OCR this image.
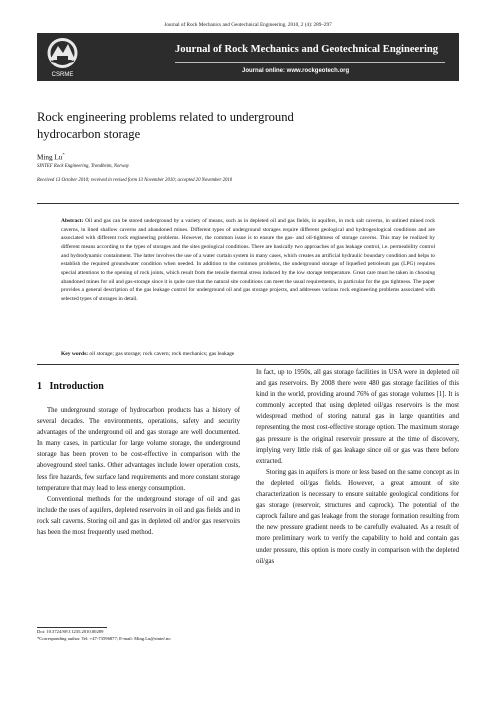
Journal of Rock Mechanics and Geotechnical Engineering. 2010, 2 (4): 289–297
CSRME
Journal of Rock Mechanics and Geotechnical Engineering
Journal online: www.rockgeotech.org
Rock engineering problems related to underground hydrocarbon storage
Ming Lu*
SINTEF Rock Engineering, Trondheim, Norway
Received 13 October 2010; received in revised form 13 November 2010; accepted 20 November 2010
Abstract: Oil and gas can be stored underground by a variety of means, such as in depleted oil and gas fields, in aquifers, in rock salt caverns, in unlined mined rock caverns, in lined shallow caverns and abandoned mines. Different types of underground storages require different geological and hydrogeological conditions and are associated with different rock engineering problems. However, the common issue is to ensure the gas- and oil-tightness of storage caverns. This may be realized by different means according to the types of storages and the sites geological conditions. There are basically two approaches of gas leakage control, i.e. permeability control and hydrodynamic containment. The latter involves the use of a water curtain system in many cases, which creates an artificial hydraulic boundary condition and helps to establish the required groundwater condition when needed. In addition to the common problems, the underground storage of liquefied petroleum gas (LPG) requires special attentions to the opening of rock joints, which result from the tensile thermal stress induced by the low storage temperature. Great care must be taken in choosing abandoned mines for oil and gas-storage since it is quite rare that the natural site conditions can meet the usual requirements, in particular for the gas tightness. The paper provides a general description of the gas leakage control for underground oil and gas storage projects, and addresses various rock engineering problems associated with selected types of storages in detail.
Key words: oil storage; gas storage; rock cavern; rock mechanics; gas leakage
1 Introduction

The underground storage of hydrocarbon products has a history of several decades. The environments, operations, safety and security advantages of the underground oil and gas storage are well documented. In many cases, in particular for large volume storage, the underground storage has been proven to be cost-effective in comparison with the aboveground steel tanks. Other advantages include lower operation costs, less fire hazards, few surface land requirements and more constant storage temperature that may lead to less energy consumption.

Conventional methods for the underground storage of oil and gas include the uses of aquifers, depleted reservoirs in oil and gas fields and in rock salt caverns. Storing oil and gas in depleted oil and/or gas reservoirs has been the most frequently used method.

In fact, up to 1950s, all gas storage facilities in USA were in depleted oil and gas reservoirs. By 2008 there were 480 gas storage facilities of this kind in the world, providing around 76% of gas storage volumes [1]. It is commonly accepted that using depleted oil/gas reservoirs is the most widespread method of storing natural gas in large quantities and representing the most cost-effective storage option. The maximum storage gas pressure is the original reservoir pressure at the time of discovery, implying very little risk of gas leakage since oil or gas was there before extracted.

Storing gas in aquifers is more or less based on the same concept as in the depleted oil/gas fields. However, a great amount of site characterization is necessary to ensure suitable geological conditions for gas storage (reservoir, structures and caprock). The potential of the caprock failure and gas leakage from the storage formation resulting from the new pressure gradient needs to be carefully evaluated. As a result of more preliminary work to verify the capability to hold and contain gas under pressure, this option is more costly in comparison with the depleted oil/gas

Doi: 10.3724/SP.J.1235.2010.00289
*Corresponding author. Tel: +47-73596877; E-mail: Ming.Lu@sintef.no
